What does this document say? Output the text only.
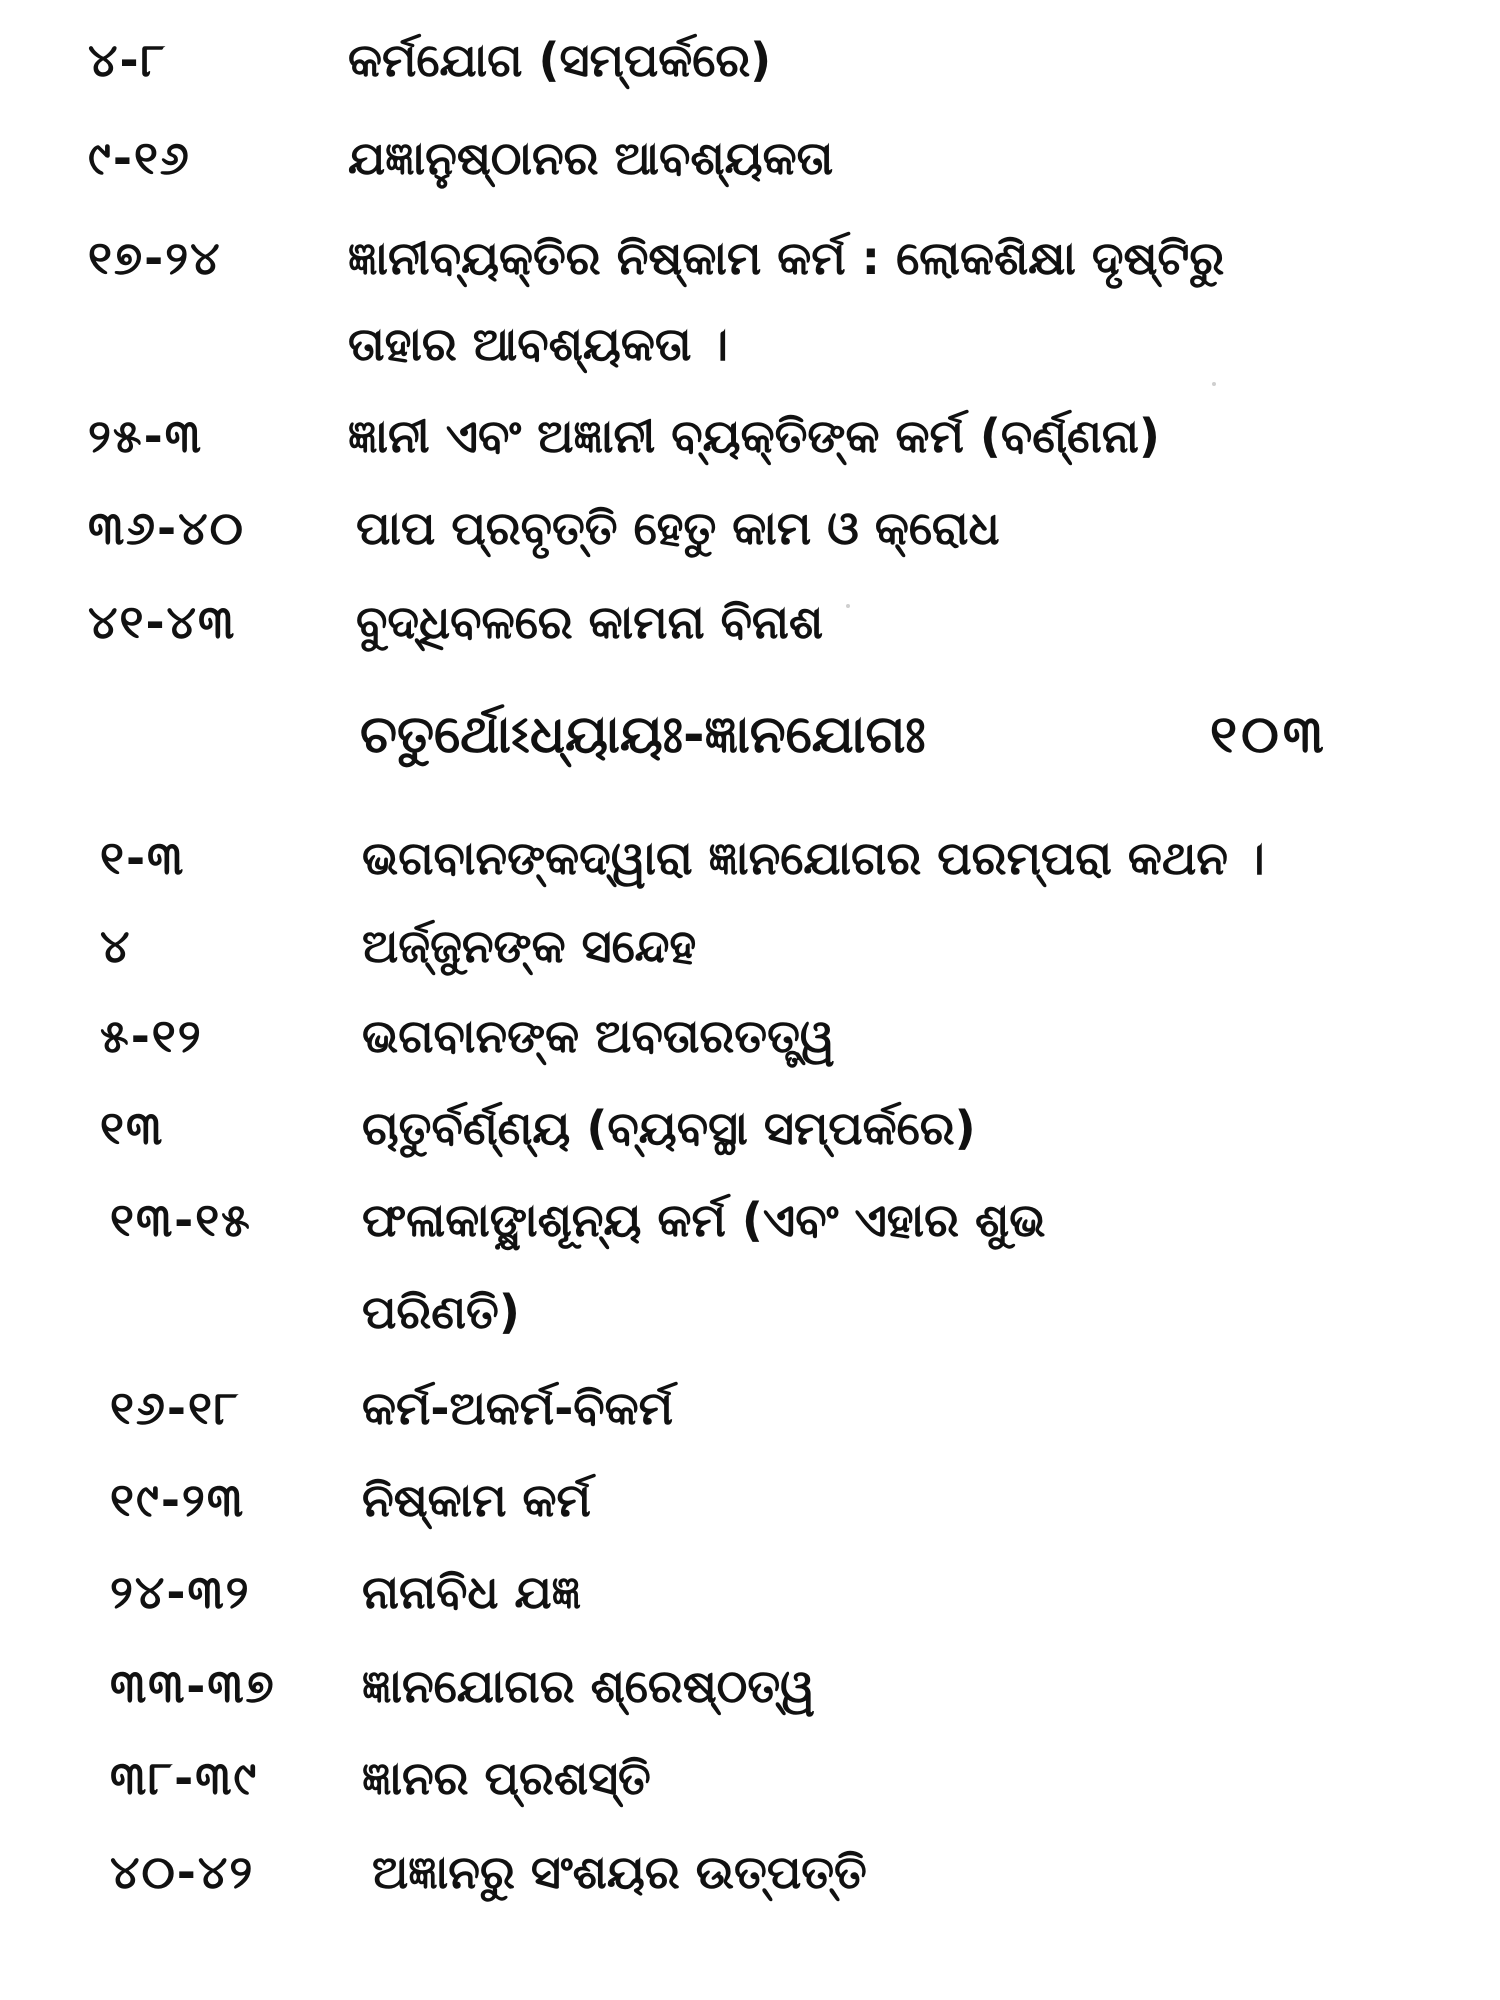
୪-୮	କର୍ମଯୋଗ (ସମ୍ପର୍କରେ)
୯-୧୬	ଯଜ୍ଞାନୁଷ୍ଠାନର ଆବଶ୍ୟକତା
୧୭-୨୪	ଜ୍ଞାନୀବ୍ୟକ୍ତିର ନିଷ୍କାମ କର୍ମ : ଲୋକଶିକ୍ଷା ଦୃଷ୍ଟିରୁ
ତାହାର ଆବଶ୍ୟକତା ।
୨୫-୩	ଜ୍ଞାନୀ ଏବଂ ଅଜ୍ଞାନୀ ବ୍ୟକ୍ତିଙ୍କ କର୍ମ (ବର୍ଣ୍ଣନା)
୩୬-୪୦ ପାପ ପ୍ରବୃତ୍ତି ହେତୁ କାମ ଓ କ୍ରୋଧ
୪୧-୪୩	ବୁଦ୍ଧିବଳରେ କାମନା ବିନାଶ
ଚତୁର୍ଥୋଽଧ୍ୟାୟଃ-ଜ୍ଞାନଯୋଗଃ	୧୦୩
୧-୩	ଭଗବାନଙ୍କଦ୍ୱାରା ଜ୍ଞାନଯୋଗର ପରମ୍ପରା କଥନ ।
୪	ଅର୍ଜ୍ଜୁନଙ୍କ ସନ୍ଦେହ
୫-୧୨	ଭଗବାନଙ୍କ ଅବତାରତତ୍ତ୍ୱ
୧୩	ଚାତୁର୍ବର୍ଣ୍ଣ୍ୟ (ବ୍ୟବସ୍ଥା ସମ୍ପର୍କରେ)
୧୩-୧୫ ଫଳାକାଙ୍କ୍ଷାଶୂନ୍ୟ କର୍ମ (ଏବଂ ଏହାର ଶୁଭ
ପରିଣତି)
୧୬-୧୮	କର୍ମ-ଅକର୍ମ-ବିକର୍ମ
୧୯-୨୩	ନିଷ୍କାମ କର୍ମ
୨୪-୩୨ ନାନାବିଧ ଯଜ୍ଞ
୩୩-୩୭ ଜ୍ଞାନଯୋଗର ଶ୍ରେଷ୍ଠତ୍ୱ
୩୮-୩୯ ଜ୍ଞାନର ପ୍ରଶସ୍ତି
୪୦-୪୨	ଅଜ୍ଞାନରୁ ସଂଶୟର ଉତ୍ପତ୍ତି
